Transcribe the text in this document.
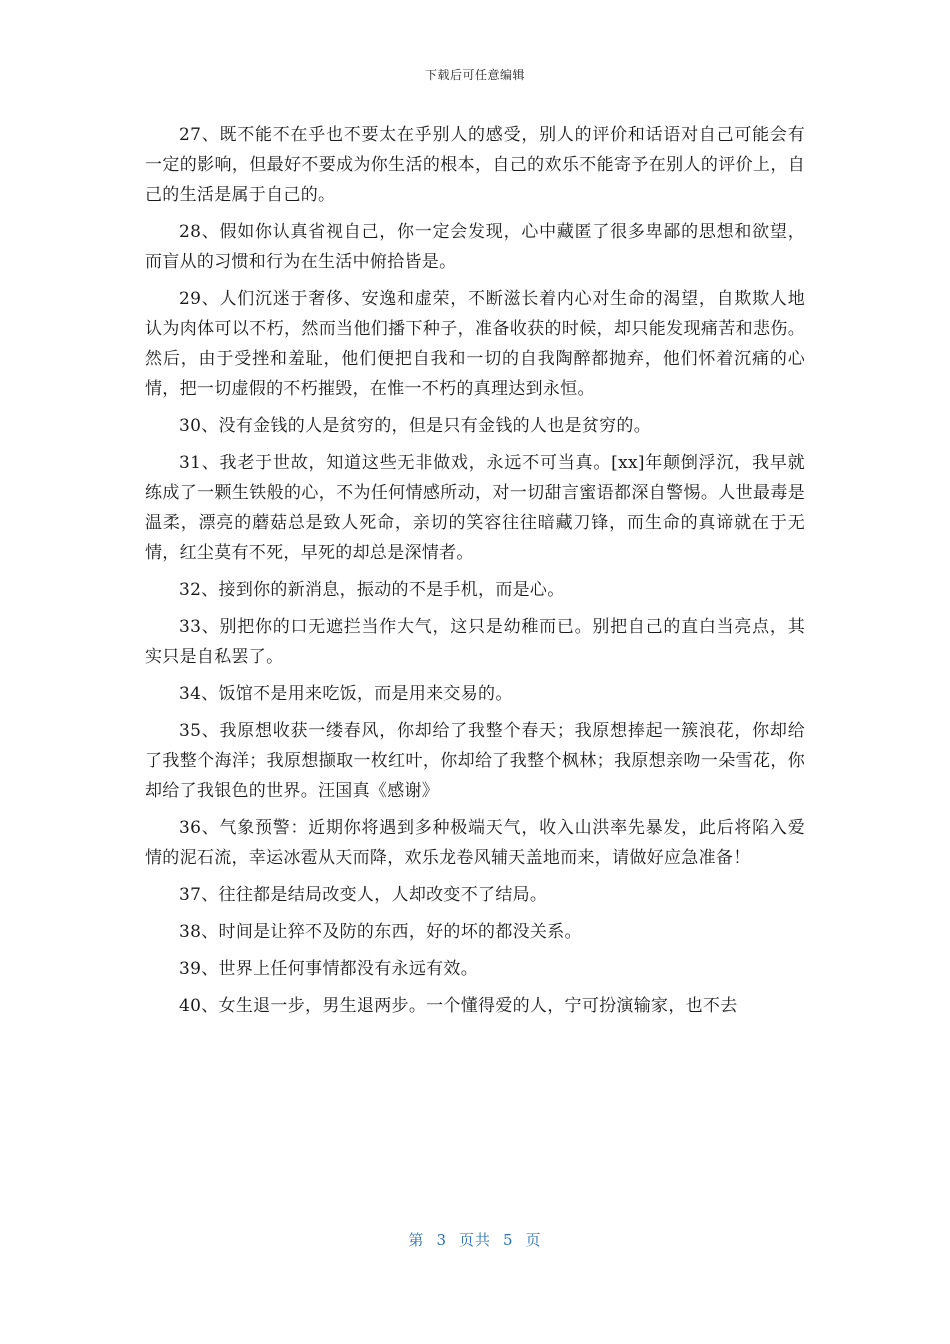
下载后可任意编辑

27、既不能不在乎也不要太在乎别人的感受，别人的评价和话语对自己可能会有一定的影响，但最好不要成为你生活的根本，自己的欢乐不能寄予在别人的评价上，自己的生活是属于自己的。

28、假如你认真省视自己，你一定会发现，心中藏匿了很多卑鄙的思想和欲望，而盲从的习惯和行为在生活中俯拾皆是。

29、人们沉迷于奢侈、安逸和虚荣，不断滋长着内心对生命的渴望，自欺欺人地认为肉体可以不朽，然而当他们播下种子，准备收获的时候，却只能发现痛苦和悲伤。然后，由于受挫和羞耻，他们便把自我和一切的自我陶醉都抛弃，他们怀着沉痛的心情，把一切虚假的不朽摧毁，在惟一不朽的真理达到永恒。

30、没有金钱的人是贫穷的，但是只有金钱的人也是贫穷的。

31、我老于世故，知道这些无非做戏，永远不可当真。[xx]年颠倒浮沉，我早就练成了一颗生铁般的心，不为任何情感所动，对一切甜言蜜语都深自警惕。人世最毒是温柔，漂亮的蘑菇总是致人死命，亲切的笑容往往暗藏刀锋，而生命的真谛就在于无情，红尘莫有不死，早死的却总是深情者。

32、接到你的新消息，振动的不是手机，而是心。

33、别把你的口无遮拦当作大气，这只是幼稚而已。别把自己的直白当亮点，其实只是自私罢了。

34、饭馆不是用来吃饭，而是用来交易的。

35、我原想收获一缕春风，你却给了我整个春天；我原想捧起一簇浪花，你却给了我整个海洋；我原想撷取一枚红叶，你却给了我整个枫林；我原想亲吻一朵雪花，你却给了我银色的世界。汪国真《感谢》

36、气象预警：近期你将遇到多种极端天气，收入山洪率先暴发，此后将陷入爱情的泥石流，幸运冰雹从天而降，欢乐龙卷风辅天盖地而来，请做好应急准备！

37、往往都是结局改变人，人却改变不了结局。

38、时间是让猝不及防的东西，好的坏的都没关系。

39、世界上任何事情都没有永远有效。

40、女生退一步，男生退两步。一个懂得爱的人，宁可扮演输家，也不去

第 3 页共 5 页
